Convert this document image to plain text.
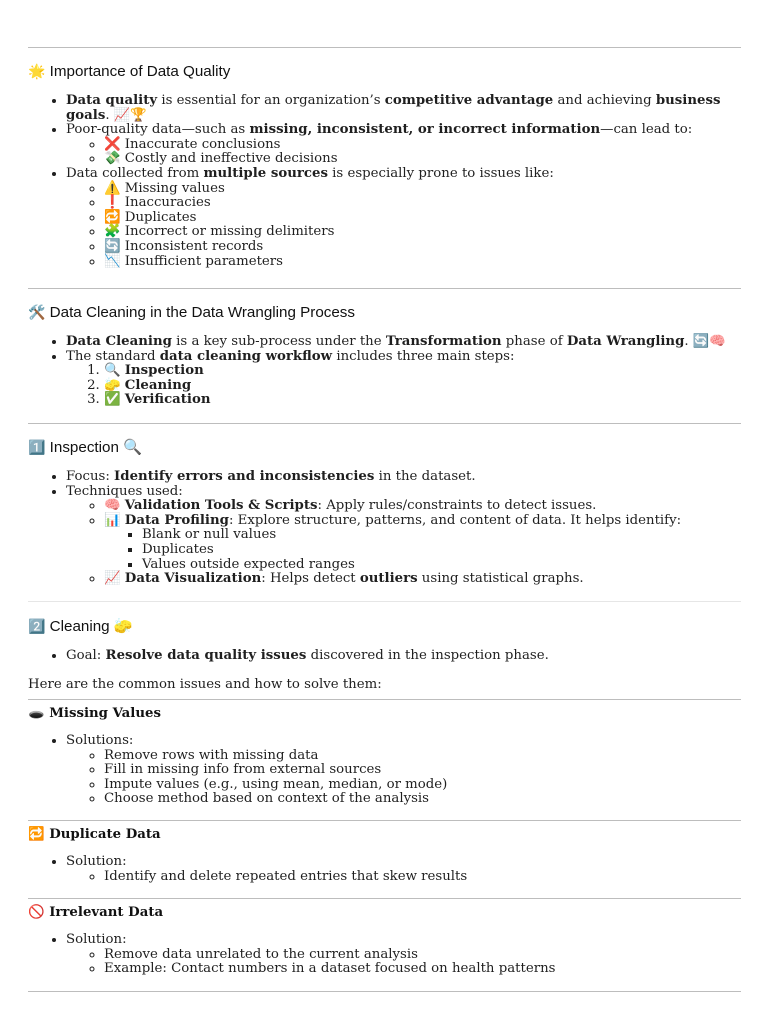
🌟 Importance of Data Quality
• Data quality is essential for an organization’s competitive advantage and achieving business goals. 📈🏆
• Poor-quality data—such as missing, inconsistent, or incorrect information—can lead to:
◦ ❌ Inaccurate conclusions
◦ 💸 Costly and ineffective decisions
• Data collected from multiple sources is especially prone to issues like:
◦ ⚠️ Missing values
◦ ❗ Inaccuracies
◦ 🔁 Duplicates
◦ 🧩 Incorrect or missing delimiters
◦ 🔄 Inconsistent records
◦ 📉 Insufficient parameters
🛠️ Data Cleaning in the Data Wrangling Process
• Data Cleaning is a key sub-process under the Transformation phase of Data Wrangling. 🔄🧠
• The standard data cleaning workflow includes three main steps:
1. 🔍 Inspection
2. 🧽 Cleaning
3. ✅ Verification
1️⃣ Inspection 🔍
• Focus: Identify errors and inconsistencies in the dataset.
• Techniques used:
◦ 🧠 Validation Tools & Scripts: Apply rules/constraints to detect issues.
◦ 📊 Data Profiling: Explore structure, patterns, and content of data. It helps identify:
▪ Blank or null values
▪ Duplicates
▪ Values outside expected ranges
◦ 📈 Data Visualization: Helps detect outliers using statistical graphs.
2️⃣ Cleaning 🧽
• Goal: Resolve data quality issues discovered in the inspection phase.

Here are the common issues and how to solve them:

🕳️ Missing Values
• Solutions:
◦ Remove rows with missing data
◦ Fill in missing info from external sources
◦ Impute values (e.g., using mean, median, or mode)
◦ Choose method based on context of the analysis
🔁 Duplicate Data
• Solution:
◦ Identify and delete repeated entries that skew results
🚫 Irrelevant Data
• Solution:
◦ Remove data unrelated to the current analysis
◦ Example: Contact numbers in a dataset focused on health patterns
